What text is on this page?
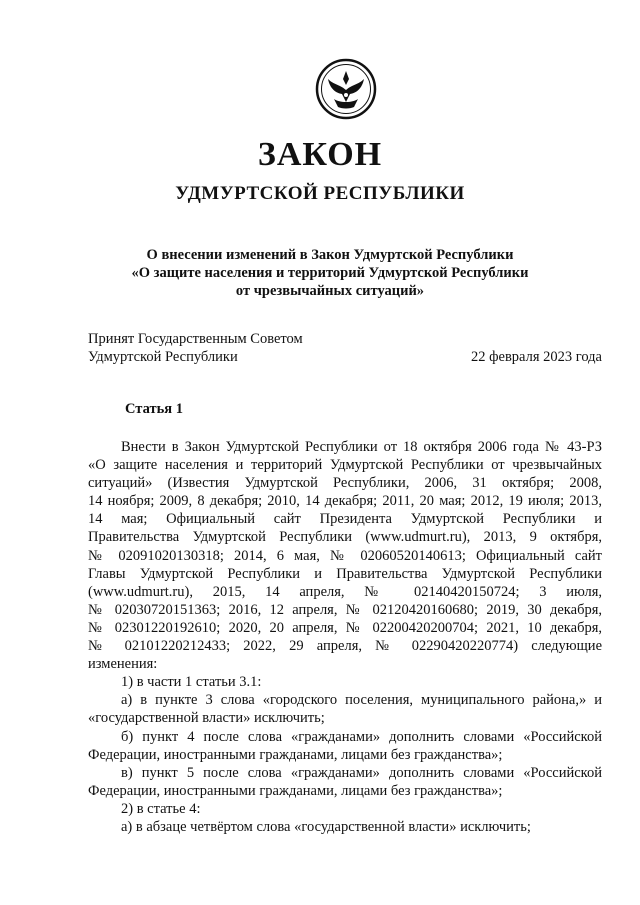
ЗАКОН
УДМУРТСКОЙ РЕСПУБЛИКИ
О внесении изменений в Закон Удмуртской Республики
«О защите населения и территорий Удмуртской Республики
от чрезвычайных ситуаций»
Принят Государственным Советом
Удмуртской Республики	22 февраля 2023 года
Статья 1
Внести в Закон Удмуртской Республики от 18 октября 2006 года № 43-РЗ
«О защите населения и территорий Удмуртской Республики от чрезвычайных
ситуаций» (Известия Удмуртской Республики, 2006, 31 октября; 2008,
14 ноября; 2009, 8 декабря; 2010, 14 декабря; 2011, 20 мая; 2012, 19 июля; 2013,
14 мая; Официальный сайт Президента Удмуртской Республики и
Правительства Удмуртской Республики (www.udmurt.ru), 2013, 9 октября,
№ 02091020130318; 2014, 6 мая, № 02060520140613; Официальный сайт
Главы Удмуртской Республики и Правительства Удмуртской Республики
(www.udmurt.ru), 2015, 14 апреля, № 02140420150724; 3 июля,
№ 02030720151363; 2016, 12 апреля, № 02120420160680; 2019, 30 декабря,
№ 02301220192610; 2020, 20 апреля, № 02200420200704; 2021, 10 декабря,
№ 02101220212433; 2022, 29 апреля, № 02290420220774) следующие
изменения:
1) в части 1 статьи 3.1:
а) в пункте 3 слова «городского поселения, муниципального района,» и
«государственной власти» исключить;
б) пункт 4 после слова «гражданами» дополнить словами «Российской
Федерации, иностранными гражданами, лицами без гражданства»;
в) пункт 5 после слова «гражданами» дополнить словами «Российской
Федерации, иностранными гражданами, лицами без гражданства»;
2) в статье 4:
а) в абзаце четвёртом слова «государственной власти» исключить;
